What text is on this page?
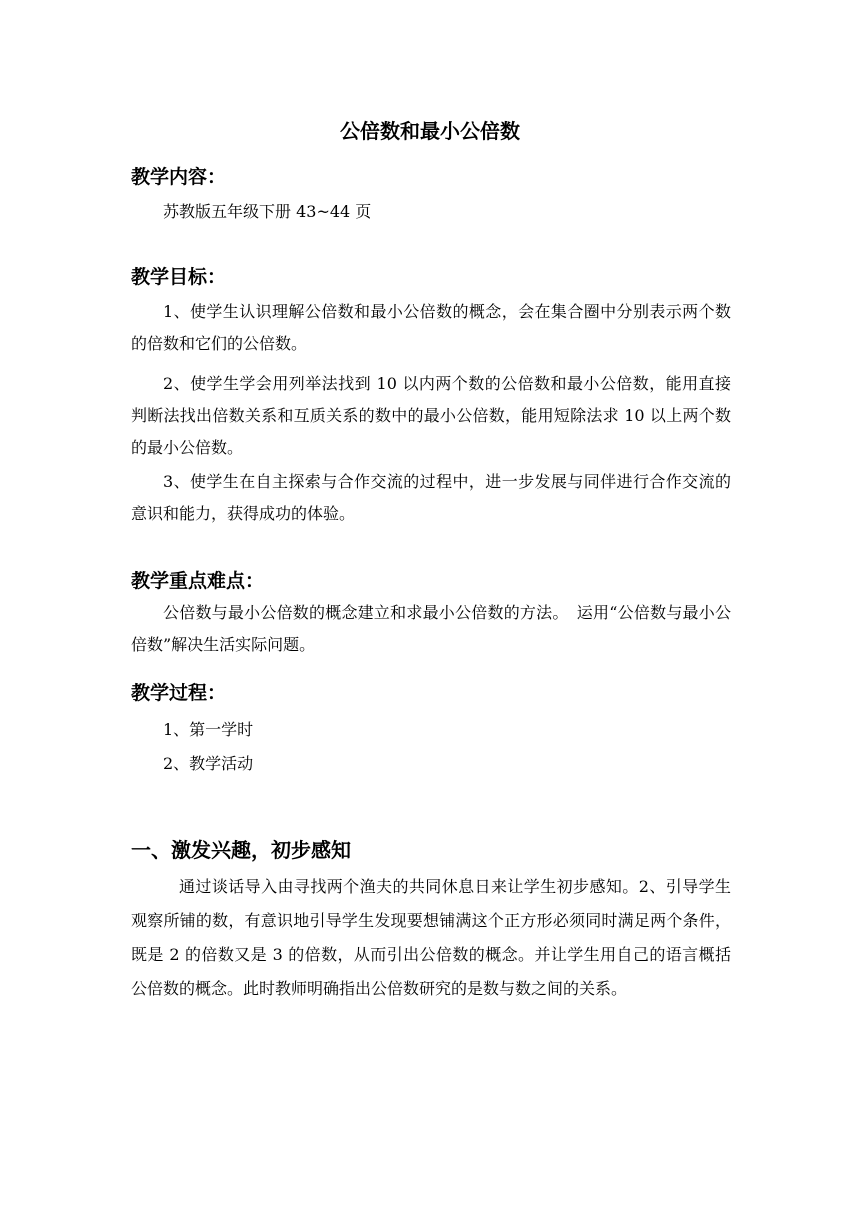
公倍数和最小公倍数
教学内容：
苏教版五年级下册 43~44 页
教学目标：
1、使学生认识理解公倍数和最小公倍数的概念，会在集合圈中分别表示两个数的倍数和它们的公倍数。
2、使学生学会用列举法找到 10 以内两个数的公倍数和最小公倍数，能用直接判断法找出倍数关系和互质关系的数中的最小公倍数，能用短除法求 10 以上两个数的最小公倍数。
3、使学生在自主探索与合作交流的过程中，进一步发展与同伴进行合作交流的意识和能力，获得成功的体验。
教学重点难点：
公倍数与最小公倍数的概念建立和求最小公倍数的方法。　运用“公倍数与最小公倍数”解决生活实际问题。
教学过程：
1、第一学时
2、教学活动
一、激发兴趣，初步感知
通过谈话导入由寻找两个渔夫的共同休息日来让学生初步感知。2、引导学生观察所铺的数，有意识地引导学生发现要想铺满这个正方形必须同时满足两个条件，既是 2 的倍数又是 3 的倍数，从而引出公倍数的概念。并让学生用自己的语言概括公倍数的概念。此时教师明确指出公倍数研究的是数与数之间的关系。
